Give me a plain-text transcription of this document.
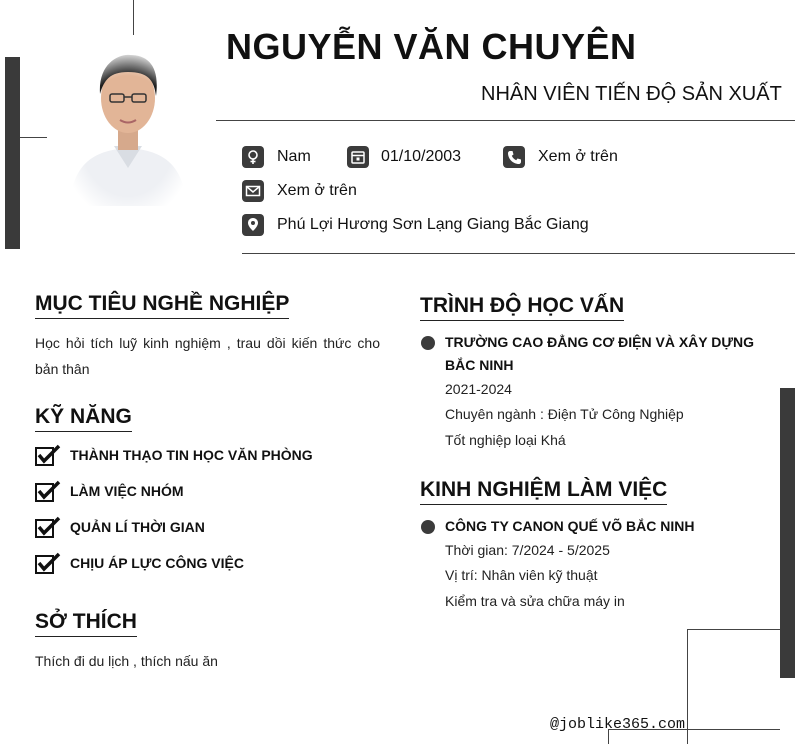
NGUYỄN VĂN CHUYÊN
NHÂN VIÊN TIẾN ĐỘ SẢN XUẤT
Nam	01/10/2003	Xem ở trên
Xem ở trên
Phú Lợi Hương Sơn Lạng Giang Bắc Giang
MỤC TIÊU NGHỀ NGHIỆP
Học hỏi tích luỹ kinh nghiệm , trau dồi kiến thức cho bản thân
KỸ NĂNG
THÀNH THẠO TIN HỌC VĂN PHÒNG
LÀM VIỆC NHÓM
QUẢN LÍ THỜI GIAN
CHỊU ÁP LỰC CÔNG VIỆC
SỞ THÍCH
Thích đi du lịch , thích nấu ăn
TRÌNH ĐỘ HỌC VẤN
TRƯỜNG CAO ĐẲNG CƠ ĐIỆN VÀ XÂY DỰNG BẮC NINH
2021-2024
Chuyên ngành : Điện Tử Công Nghiệp
Tốt nghiệp loại Khá
KINH NGHIỆM LÀM VIỆC
CÔNG TY CANON QUẾ VÕ BẮC NINH
Thời gian: 7/2024 - 5/2025
Vị trí: Nhân viên kỹ thuật
Kiểm tra và sửa chữa máy in
@joblike365.com
